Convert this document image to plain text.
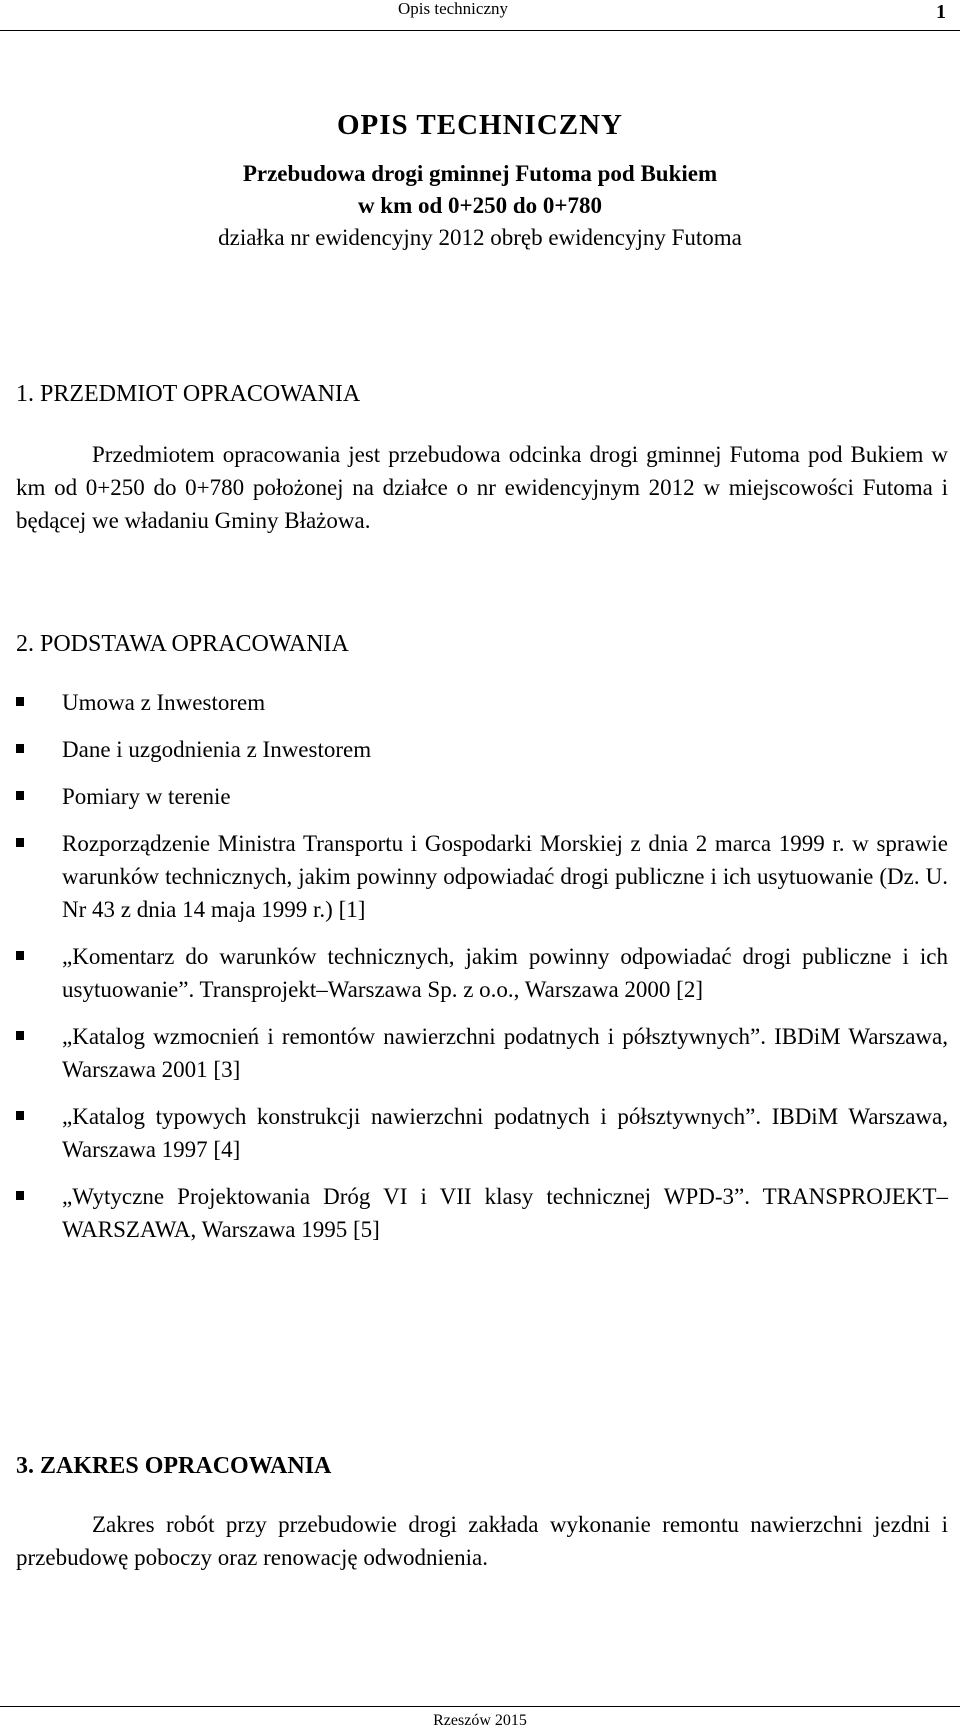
Opis techniczny	1
OPIS TECHNICZNY
Przebudowa drogi gminnej Futoma pod Bukiem
w km od 0+250 do 0+780
działka nr ewidencyjny 2012 obręb ewidencyjny Futoma
1. PRZEDMIOT OPRACOWANIA
Przedmiotem opracowania jest przebudowa odcinka drogi gminnej Futoma pod Bukiem w km od 0+250 do 0+780 położonej na działce o nr ewidencyjnym 2012 w miejscowości Futoma i będącej we władaniu Gminy Błażowa.
2. PODSTAWA OPRACOWANIA
Umowa z Inwestorem
Dane i uzgodnienia z Inwestorem
Pomiary w terenie
Rozporządzenie Ministra Transportu i Gospodarki Morskiej z dnia 2 marca 1999 r. w sprawie warunków technicznych, jakim powinny odpowiadać drogi publiczne i ich usytuowanie (Dz. U. Nr 43 z dnia 14 maja 1999 r.) [1]
„Komentarz do warunków technicznych, jakim powinny odpowiadać drogi publiczne i ich usytuowanie”. Transprojekt–Warszawa Sp. z o.o., Warszawa 2000 [2]
„Katalog wzmocnień i remontów nawierzchni podatnych i półsztywnych”. IBDiM Warszawa, Warszawa 2001 [3]
„Katalog typowych konstrukcji nawierzchni podatnych i półsztywnych”. IBDiM Warszawa, Warszawa 1997 [4]
„Wytyczne Projektowania Dróg VI i VII klasy technicznej WPD-3”. TRANSPROJEKT–WARSZAWA, Warszawa 1995 [5]
3. ZAKRES OPRACOWANIA
Zakres robót przy przebudowie drogi zakłada wykonanie remontu nawierzchni jezdni i przebudowę poboczy oraz renowację odwodnienia.
Rzeszów 2015
